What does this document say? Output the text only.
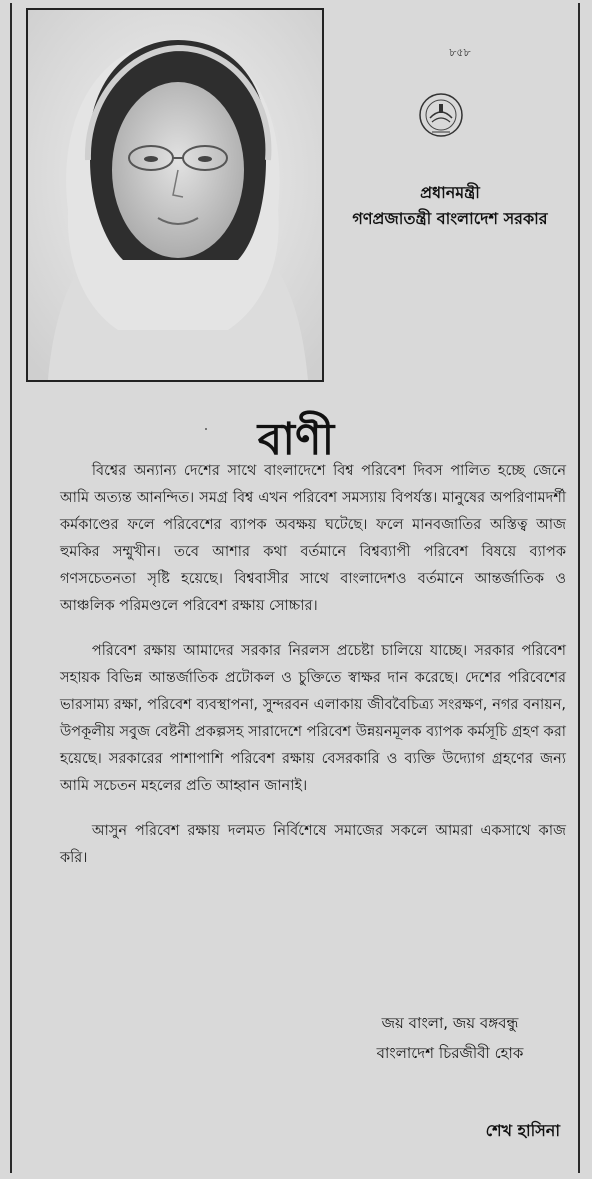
৮৫৮
প্রধানমন্ত্রী
গণপ্রজাতন্ত্রী বাংলাদেশ সরকার
বাণী

বিশ্বের অন্যান্য দেশের সাথে বাংলাদেশে বিশ্ব পরিবেশ দিবস পালিত হচ্ছে জেনে আমি অত্যন্ত আনন্দিত। সমগ্র বিশ্ব এখন পরিবেশ সমস্যায় বিপর্যস্ত। মানুষের অপরিণামদর্শী কর্মকাণ্ডের ফলে পরিবেশের ব্যাপক অবক্ষয় ঘটেছে। ফলে মানবজাতির অস্তিত্ব আজ হুমকির সম্মুখীন। তবে আশার কথা বর্তমানে বিশ্বব্যাপী পরিবেশ বিষয়ে ব্যাপক গণসচেতনতা সৃষ্টি হয়েছে। বিশ্ববাসীর সাথে বাংলাদেশও বর্তমানে আন্তর্জাতিক ও আঞ্চলিক পরিমণ্ডলে পরিবেশ রক্ষায় সোচ্চার।

পরিবেশ রক্ষায় আমাদের সরকার নিরলস প্রচেষ্টা চালিয়ে যাচ্ছে। সরকার পরিবেশ সহায়ক বিভিন্ন আন্তর্জাতিক প্রটোকল ও চুক্তিতে স্বাক্ষর দান করেছে। দেশের পরিবেশের ভারসাম্য রক্ষা, পরিবেশ ব্যবস্থাপনা, সুন্দরবন এলাকায় জীববৈচিত্র্য সংরক্ষণ, নগর বনায়ন, উপকূলীয় সবুজ বেষ্টনী প্রকল্পসহ সারাদেশে পরিবেশ উন্নয়নমূলক ব্যাপক কর্মসূচি গ্রহণ করা হয়েছে। সরকারের পাশাপাশি পরিবেশ রক্ষায় বেসরকারি ও ব্যক্তি উদ্যোগ গ্রহণের জন্য আমি সচেতন মহলের প্রতি আহ্বান জানাই।

আসুন পরিবেশ রক্ষায় দলমত নির্বিশেষে সমাজের সকলে আমরা একসাথে কাজ করি।

জয় বাংলা, জয় বঙ্গবন্ধু
বাংলাদেশ চিরজীবী হোক
শেখ হাসিনা
